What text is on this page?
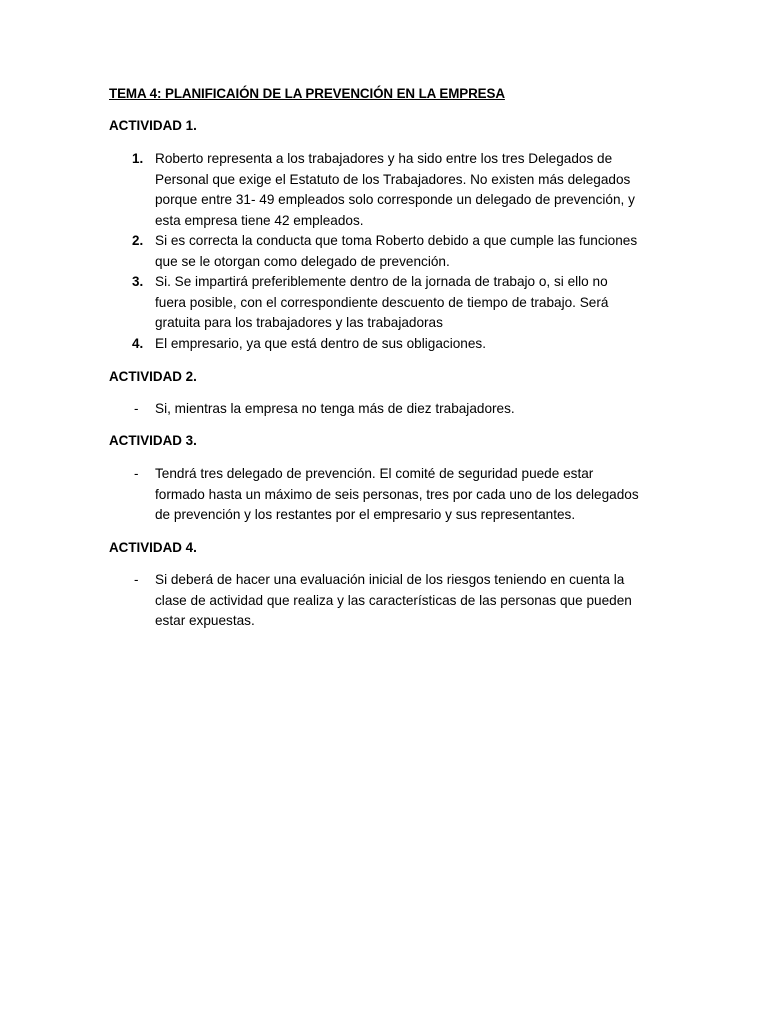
TEMA 4: PLANIFICAIÓN DE LA PREVENCIÓN EN LA EMPRESA
ACTIVIDAD 1.
1. Roberto representa a los trabajadores y ha sido entre los tres Delegados de

Personal que exige el Estatuto de los Trabajadores. No existen más delegados

porque entre 31- 49 empleados solo corresponde un delegado de prevención, y

esta empresa tiene 42 empleados.

2. Si es correcta la conducta que toma Roberto debido a que cumple las funciones

que se le otorgan como delegado de prevención.

3. Si. Se impartirá preferiblemente dentro de la jornada de trabajo o, si ello no

fuera posible, con el correspondiente descuento de tiempo de trabajo. Será

gratuita para los trabajadores y las trabajadoras

4. El empresario, ya que está dentro de sus obligaciones.

ACTIVIDAD 2.
- Si, mientras la empresa no tenga más de diez trabajadores.

ACTIVIDAD 3.
- Tendrá tres delegado de prevención. El comité de seguridad puede estar

formado hasta un máximo de seis personas, tres por cada uno de los delegados

de prevención y los restantes por el empresario y sus representantes.

ACTIVIDAD 4.
- Si deberá de hacer una evaluación inicial de los riesgos teniendo en cuenta la

clase de actividad que realiza y las características de las personas que pueden

estar expuestas.
